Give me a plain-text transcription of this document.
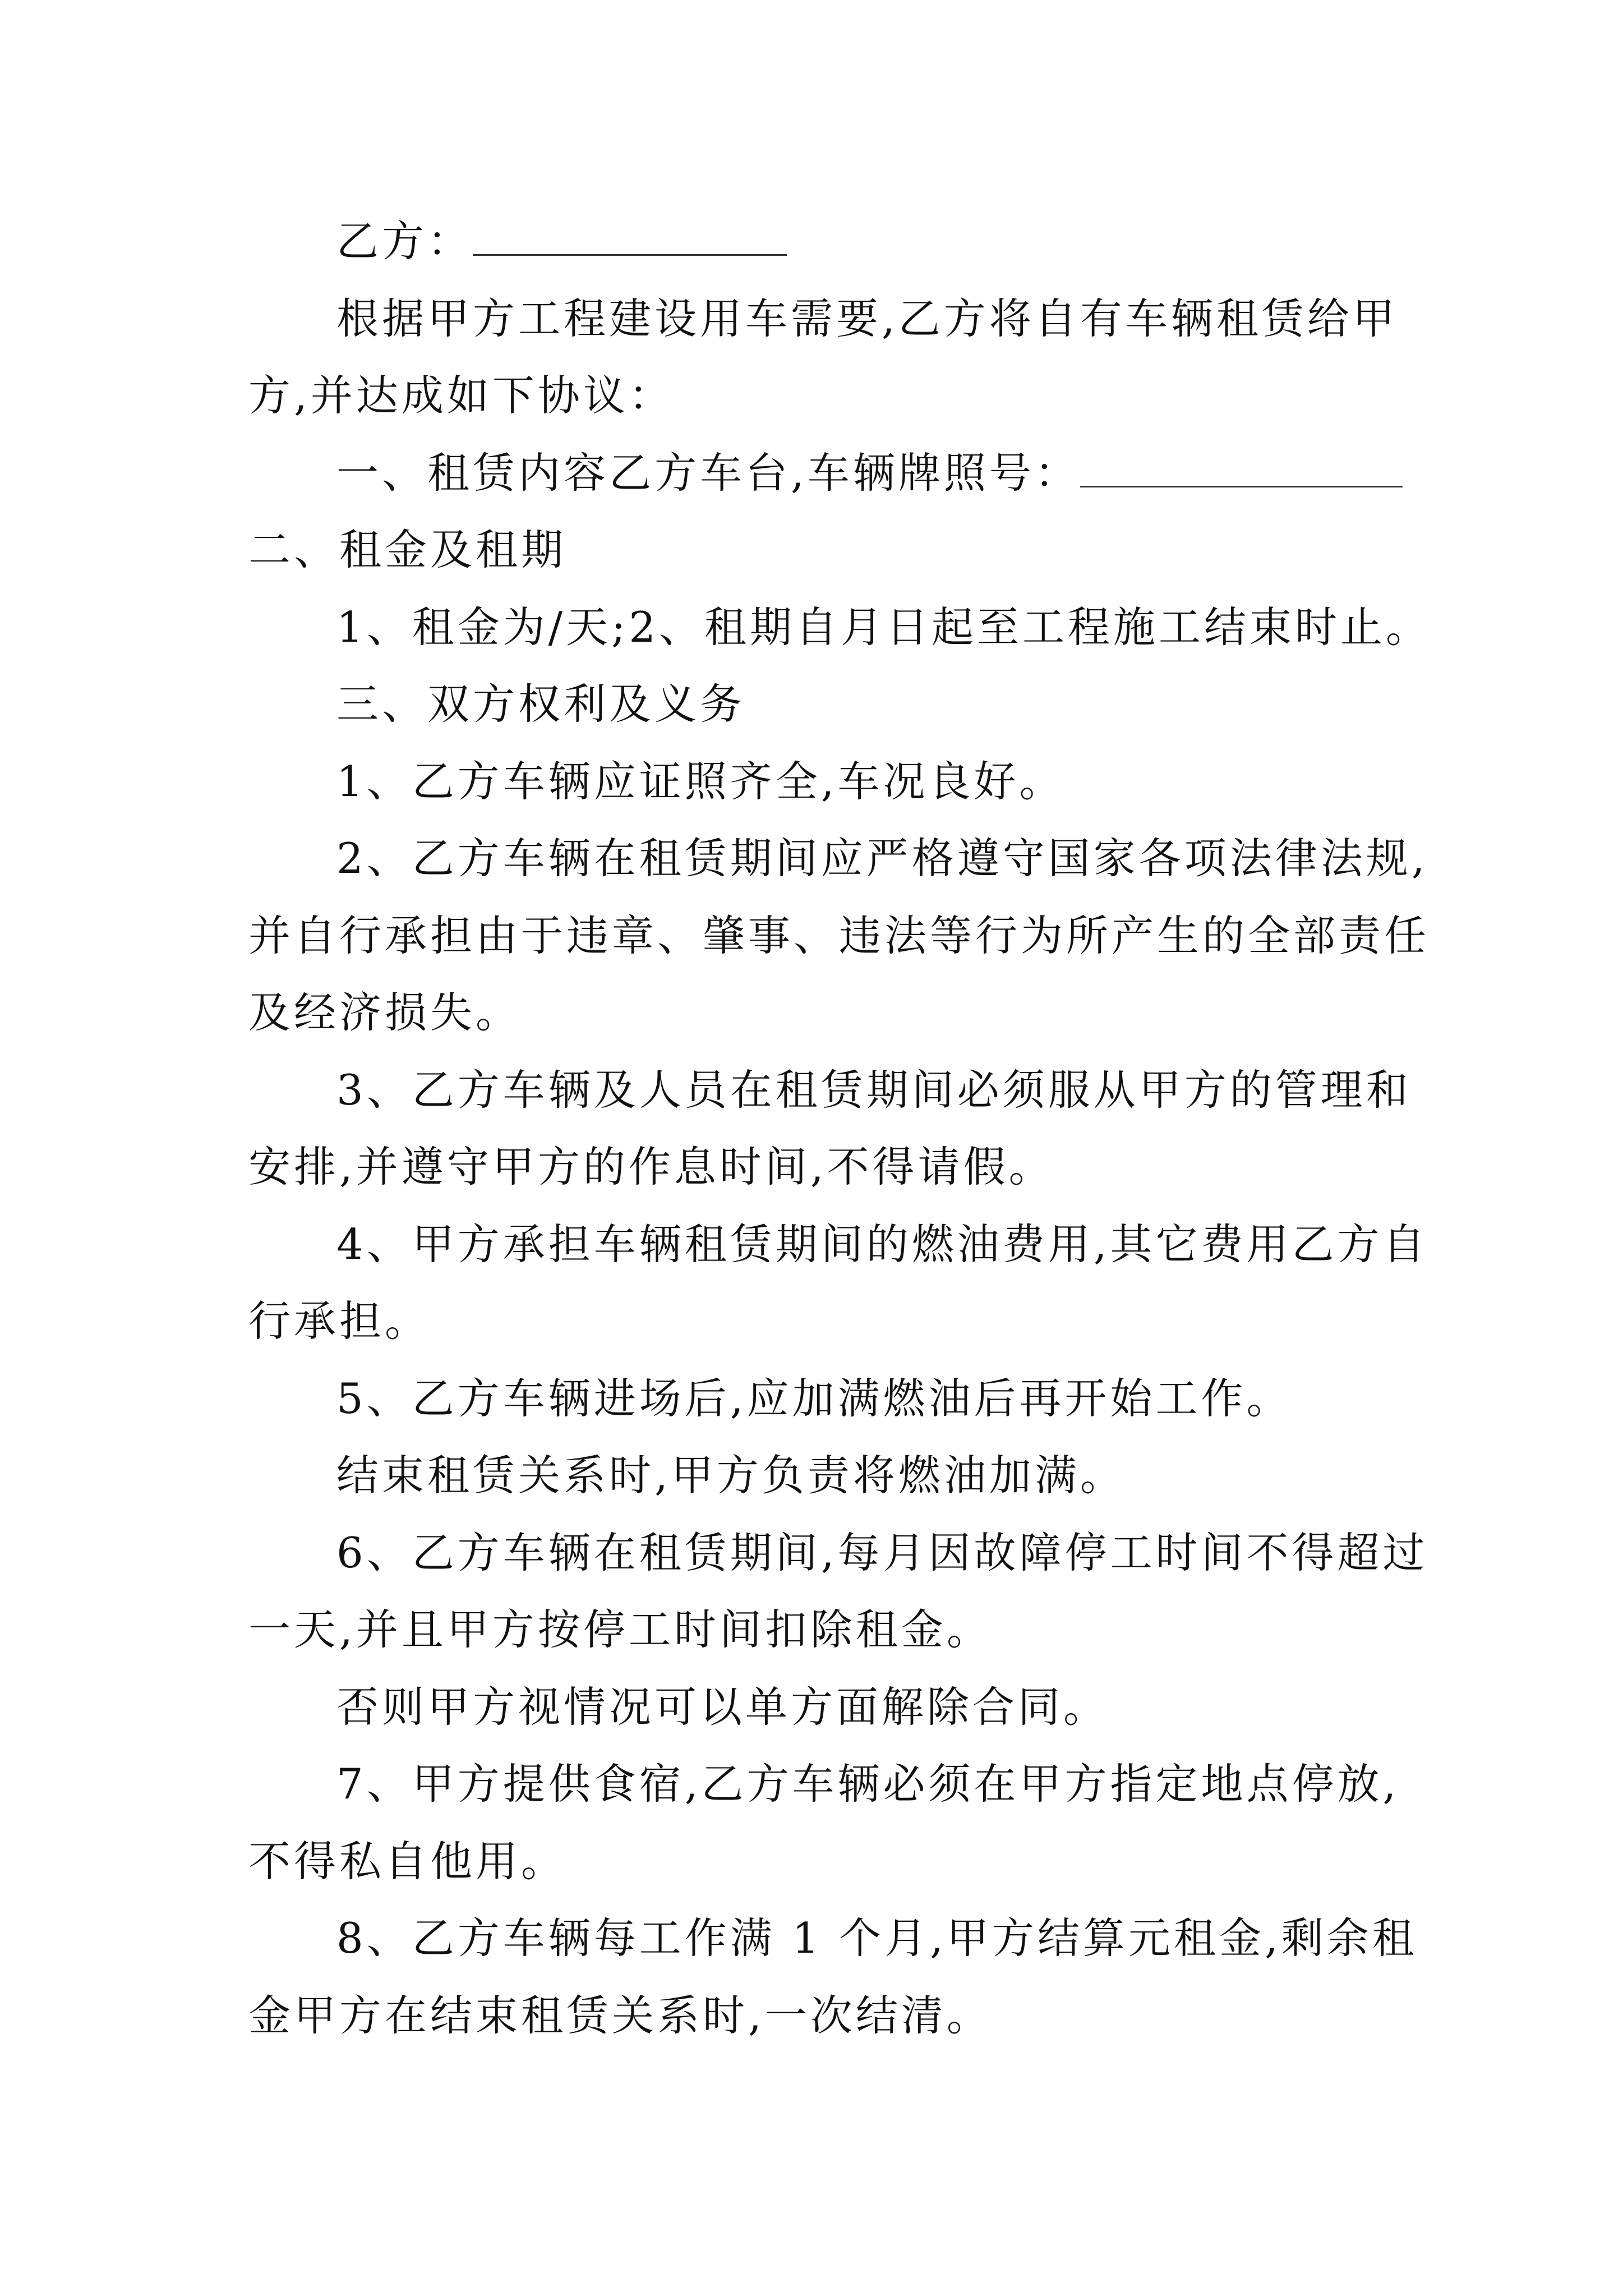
乙方：
根据甲方工程建设用车需要,乙方将自有车辆租赁给甲
方,并达成如下协议：
一、租赁内容乙方车台,车辆牌照号：
二、租金及租期
1、租金为/天;2、租期自月日起至工程施工结束时止。
三、双方权利及义务
1、乙方车辆应证照齐全,车况良好。
2、乙方车辆在租赁期间应严格遵守国家各项法律法规,
并自行承担由于违章、肇事、违法等行为所产生的全部责任
及经济损失。
3、乙方车辆及人员在租赁期间必须服从甲方的管理和
安排,并遵守甲方的作息时间,不得请假。
4、甲方承担车辆租赁期间的燃油费用,其它费用乙方自
行承担。
5、乙方车辆进场后,应加满燃油后再开始工作。
结束租赁关系时,甲方负责将燃油加满。
6、乙方车辆在租赁期间,每月因故障停工时间不得超过
一天,并且甲方按停工时间扣除租金。
否则甲方视情况可以单方面解除合同。
7、甲方提供食宿,乙方车辆必须在甲方指定地点停放,
不得私自他用。
8、乙方车辆每工作满 1 个月,甲方结算元租金,剩余租
金甲方在结束租赁关系时,一次结清。
